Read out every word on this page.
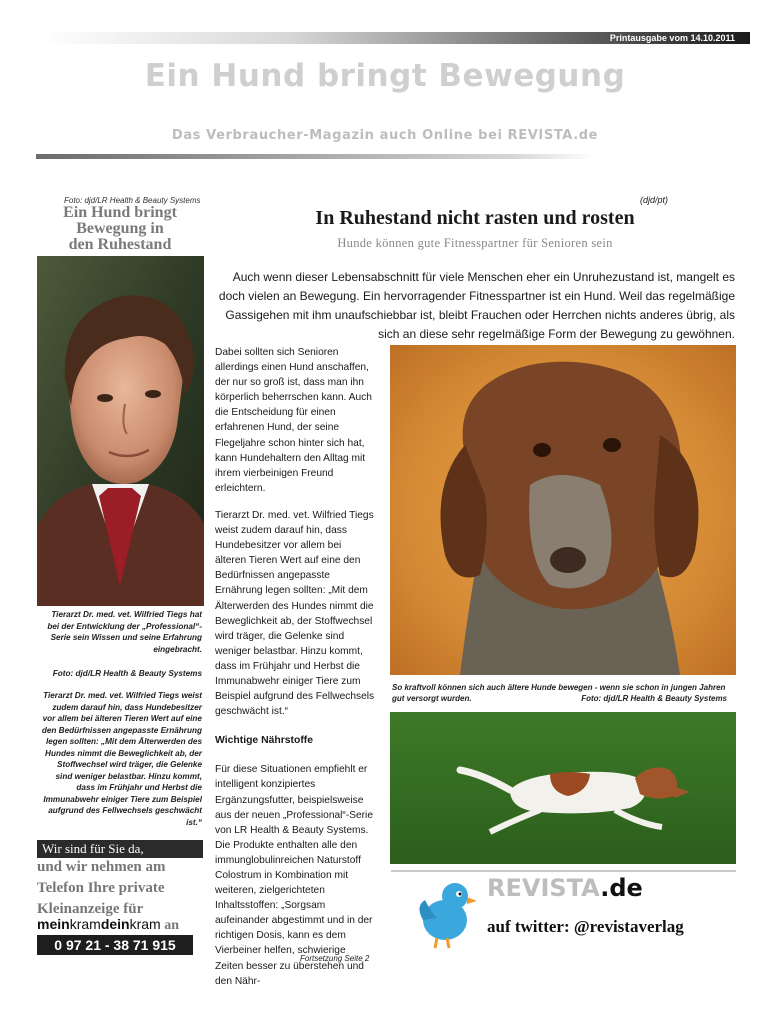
Printausgabe vom 14.10.2011
Ein Hund bringt Bewegung
Das Verbraucher-Magazin auch Online bei REVISTA.de
Foto: djd/LR Health & Beauty Systems
Ein Hund bringt
Bewegung in
den Ruhestand
Tierarzt Dr. med. vet. Wilfried Tiegs hat bei der Entwicklung der „Professional“-Serie sein Wissen und seine Erfahrung eingebracht.
Foto: djd/LR Health & Beauty Systems
Tierarzt Dr. med. vet. Wilfried Tiegs weist zudem darauf hin, dass Hundebesitzer vor allem bei älteren Tieren Wert auf eine den Bedürfnissen angepasste Ernährung legen sollten: „Mit dem Älterwerden des Hundes nimmt die Beweglichkeit ab, der Stoffwechsel wird träger, die Gelenke sind weniger belastbar. Hinzu kommt, dass im Frühjahr und Herbst die Immunabwehr einiger Tiere zum Beispiel aufgrund des Fellwechsels geschwächt ist.“
Wir sind für Sie da,
und wir nehmen am
Telefon Ihre private
Kleinanzeige für
meinkramdeinkram an
0 97 21 - 38 71 915
(djd/pt)
In Ruhestand nicht rasten und rosten
Hunde können gute Fitnesspartner für Senioren sein
Auch wenn dieser Lebensabschnitt für viele Menschen eher ein Unruhezustand ist, mangelt es doch vielen an Bewegung. Ein hervorragender Fitnesspartner ist ein Hund. Weil das regelmäßige Gassigehen mit ihm unaufschiebbar ist, bleibt Frauchen oder Herrchen nichts anderes übrig, als sich an diese sehr regelmäßige Form der Bewegung zu gewöhnen.

Dabei sollten sich Senioren allerdings einen Hund anschaffen, der nur so groß ist, dass man ihn körperlich beherrschen kann. Auch die Entscheidung für einen erfahrenen Hund, der seine Flegeljahre schon hinter sich hat, kann Hundehaltern den Alltag mit ihrem vierbeinigen Freund erleichtern.

Tierarzt Dr. med. vet. Wilfried Tiegs weist zudem darauf hin, dass Hundebesitzer vor allem bei älteren Tieren Wert auf eine den Bedürfnissen angepasste Ernährung legen sollten: „Mit dem Älterwerden des Hundes nimmt die Beweglichkeit ab, der Stoffwechsel wird träger, die Gelenke sind weniger belastbar. Hinzu kommt, dass im Frühjahr und Herbst die Immunabwehr einiger Tiere zum Beispiel aufgrund des Fellwechsels geschwächt ist.“

Wichtige Nährstoffe

Für diese Situationen empfiehlt er intelligent konzipiertes Ergänzungsfutter, beispielsweise aus der neuen „Professional“-Serie von LR Health & Beauty Systems. Die Produkte enthalten alle den immunglobulinreichen Naturstoff Colostrum in Kombination mit weiteren, zielgerichteten Inhaltsstoffen: „Sorgsam aufeinander abgestimmt und in der richtigen Dosis, kann es dem Vierbeiner helfen, schwierige Zeiten besser zu überstehen und den Nähr-

Fortsetzung Seite 2
So kraftvoll können sich auch ältere Hunde bewegen - wenn sie schon in jungen Jahren gut versorgt wurden.	Foto: djd/LR Health & Beauty Systems
REVISTA.de
auf twitter: @revistaverlag
